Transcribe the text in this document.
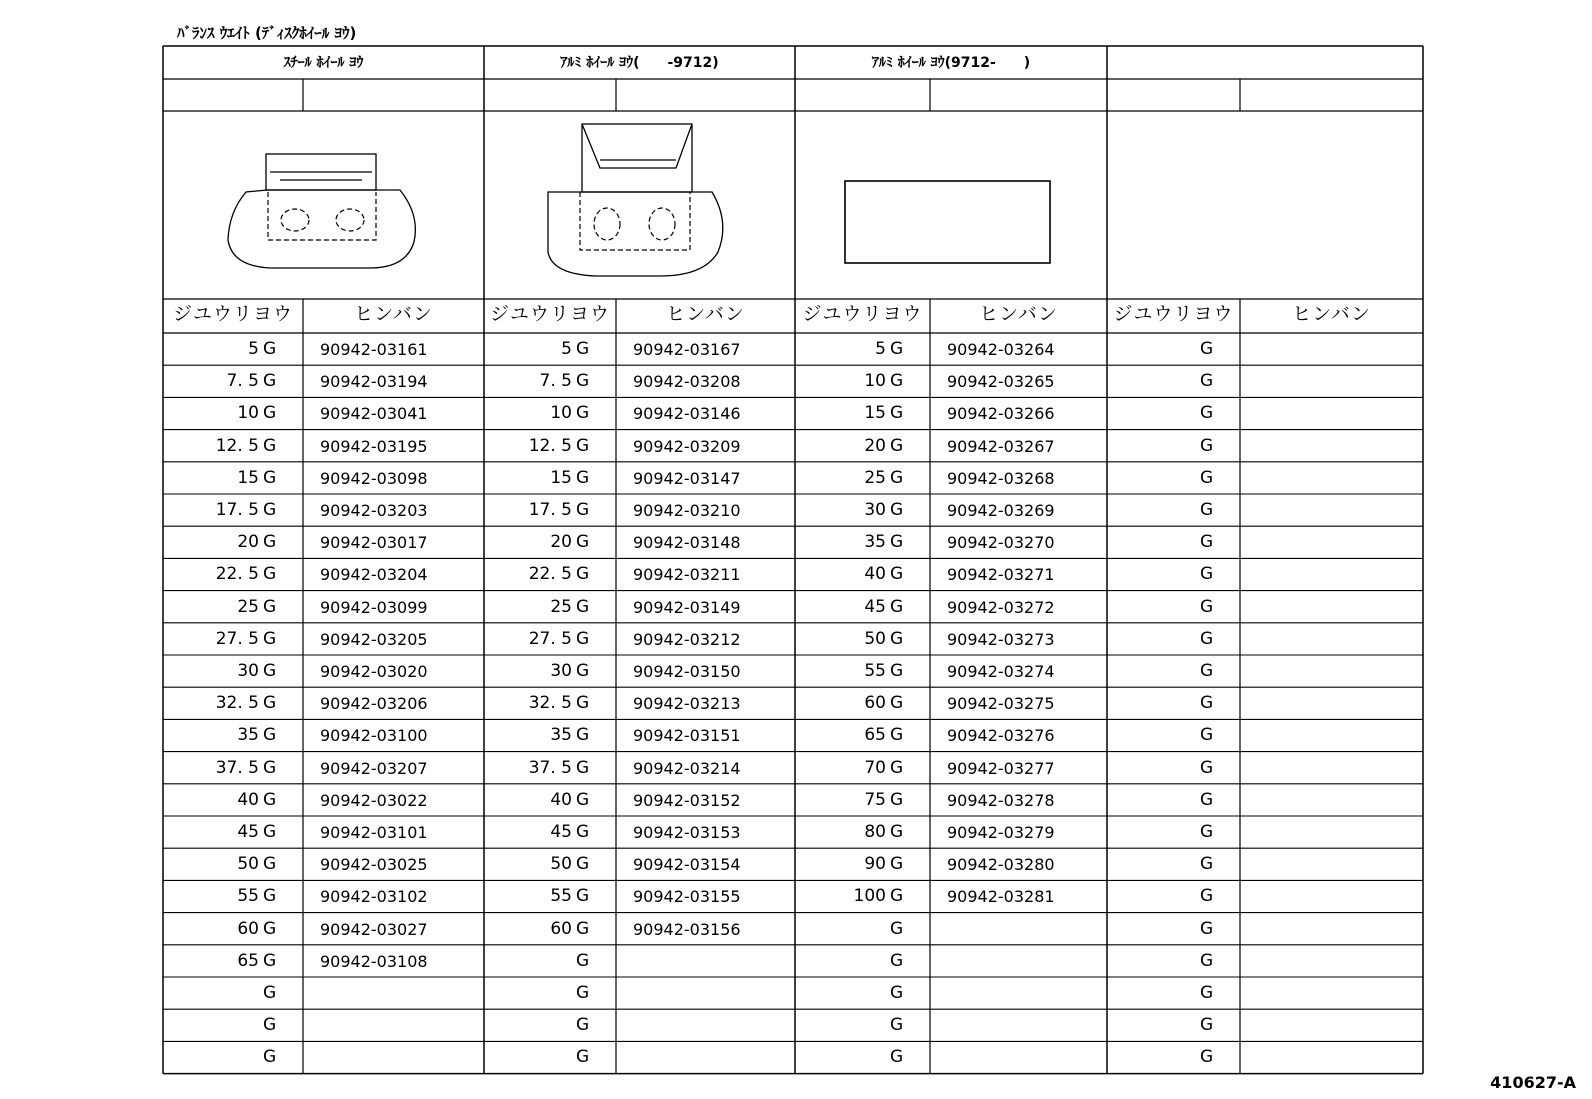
ﾊﾞﾗﾝｽ ｳｴｲﾄ (ﾃﾞｨｽｸﾎｲｰﾙ ﾖｳ)
ｽﾁｰﾙ ﾎｲｰﾙ ﾖｳ
ジユウリヨウ	ヒンバン
5 G	90942-03161
7. 5 G	90942-03194
10 G	90942-03041
12. 5 G	90942-03195
15 G	90942-03098
17. 5 G	90942-03203
20 G	90942-03017
22. 5 G	90942-03204
25 G	90942-03099
27. 5 G	90942-03205
30 G	90942-03020
32. 5 G	90942-03206
35 G	90942-03100
37. 5 G	90942-03207
40 G	90942-03022
45 G	90942-03101
50 G	90942-03025
55 G	90942-03102
60 G	90942-03027
65 G	90942-03108
G
G
G
ｱﾙﾐ ﾎｲｰﾙ ﾖｳ(　　-9712)
ジユウリヨウ	ヒンバン
5 G	90942-03167
7. 5 G	90942-03208
10 G	90942-03146
12. 5 G	90942-03209
15 G	90942-03147
17. 5 G	90942-03210
20 G	90942-03148
22. 5 G	90942-03211
25 G	90942-03149
27. 5 G	90942-03212
30 G	90942-03150
32. 5 G	90942-03213
35 G	90942-03151
37. 5 G	90942-03214
40 G	90942-03152
45 G	90942-03153
50 G	90942-03154
55 G	90942-03155
60 G	90942-03156
G
G
G
G
ｱﾙﾐ ﾎｲｰﾙ ﾖｳ(9712-　　)
ジユウリヨウ	ヒンバン
5 G	90942-03264
10 G	90942-03265
15 G	90942-03266
20 G	90942-03267
25 G	90942-03268
30 G	90942-03269
35 G	90942-03270
40 G	90942-03271
45 G	90942-03272
50 G	90942-03273
55 G	90942-03274
60 G	90942-03275
65 G	90942-03276
70 G	90942-03277
75 G	90942-03278
80 G	90942-03279
90 G	90942-03280
100 G	90942-03281
G
G
G
G
G
ジユウリヨウ	ヒンバン
G
G
G
G
G
G
G
G
G
G
G
G
G
G
G
G
G
G
G
G
G
G
G
410627-A
